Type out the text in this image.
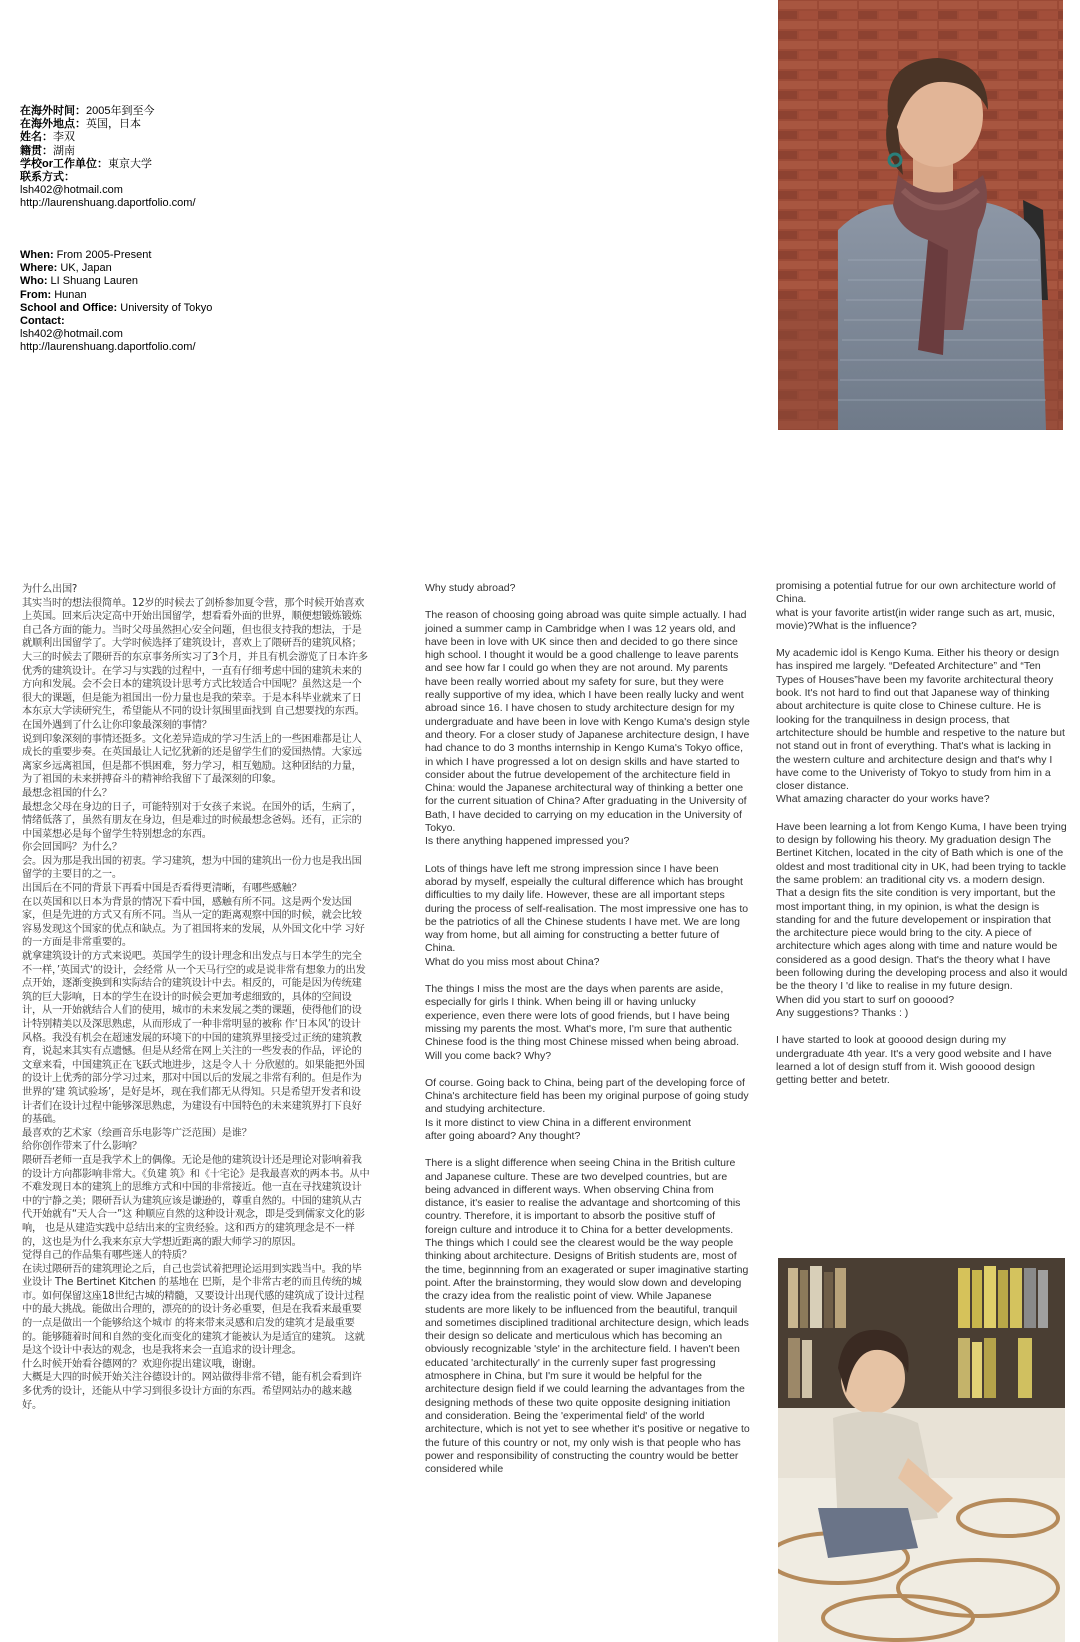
在海外时间：2005年到至今
在海外地点：英国，日本
姓名：李双
籍贯：湖南
学校or工作单位：東京大学
联系方式：
lsh402@hotmail.com
http://laurenshuang.daportfolio.com/
When: From 2005-Present
Where: UK, Japan
Who: LI Shuang Lauren
From: Hunan
School and Office: University of Tokyo
Contact:
lsh402@hotmail.com
http://laurenshuang.daportfolio.com/
为什么出国?
其实当时的想法很简单。12岁的时候去了剑桥参加夏令营，那个时候开始喜欢上英国。回来后决定高中开始出国留学，想看看外面的世界，顺便想锻炼锻炼自己各方面的能力。当时父母虽然担心安全问题，但也很支持我的想法，于是就顺利出国留学了。大学时候选择了建筑设计，喜欢上了隈研吾的建筑风格；大三的时候去了隈研吾的东京事务所实习了3个月，并且有机会游览了日本许多优秀的建筑设计。在学习与实践的过程中，一直有仔细考虑中国的建筑未来的方向和发展。会不会日本的建筑设计思考方式比较适合中国呢？虽然这是一个很大的课题，但是能为祖国出一份力量也是我的荣幸。于是本科毕业就来了日本东京大学读研究生，希望能从不同的设计氛围里面找到 自己想要找的东西。
在国外遇到了什么让你印象最深刻的事情？
说到印象深刻的事情还挺多。文化差异造成的学习生活上的一些困难都是让人成长的重要步奏。在英国最让人记忆犹新的还是留学生们的爱国热情。大家远离家乡远离祖国，但是都不惧困难，努力学习，相互勉励。这种团结的力量，为了祖国的未来拼搏奋斗的精神给我留下了最深刻的印象。
最想念祖国的什么？
最想念父母在身边的日子，可能特别对于女孩子来说。在国外的话，生病了，情绪低落了，虽然有朋友在身边，但是难过的时候最想念爸妈。还有，正宗的中国菜想必是每个留学生特别想念的东西。
你会回国吗？为什么？
会。因为那是我出国的初衷。学习建筑，想为中国的建筑出一份力也是我出国留学的主要目的之一。
出国后在不同的背景下再看中国是否看得更清晰，有哪些感触？
在以英国和以日本为背景的情况下看中国，感触有所不同。这是两个发达国家，但是先进的方式又有所不同。当从一定的距离观察中国的时候，就会比较容易发现这个国家的优点和缺点。为了祖国将来的发展，从外国文化中学 习好的一方面是非常重要的。
就拿建筑设计的方式来说吧。英国学生的设计理念和出发点与日本学生的完全不一样，’英国式‘的设计，会经常 从一个天马行空的或是说非常有想象力的出发点开始，逐渐变换到和实际结合的建筑设计中去。相反的，可能是因为传统建筑的巨大影响，日本的学生在设计的时候会更加考虑细致的，具体的空间设计，从一开始就结合人们的使用，城市的未来发展之类的课题，使得他们的设计特别精美以及深思熟虑，从而形成了一种非常明显的被称 作‘日本风’的设计风格。我没有机会在超速发展的环境下的中国的建筑界里接受过正统的建筑教育，说起来其实有点遗憾。但是从经常在网上关注的一些发表的作品，评论的文章来看，中国建筑正在飞跃式地进步，这是令人十 分欣慰的。如果能把外国的设计上优秀的部分学习过来，那对中国以后的发展之非常有利的。但是作为世界的‘建 筑试验场’，是好是坏，现在我们都无从得知。只是希望开发者和设计者们在设计过程中能够深思熟虑，为建设有中国特色的未来建筑界打下良好的基础。
最喜欢的艺术家（绘画音乐电影等广泛范围）是谁？
给你创作带来了什么影响？
隈研吾老师一直是我学术上的偶像。无论是他的建筑设计还是理论对影响着我的设计方向都影响非常大。《负建 筑》和《十宅论》是我最喜欢的两本书。从中不难发现日本的建筑上的思维方式和中国的非常接近。他一直在寻找建筑设计中的宁静之美；隈研吾认为建筑应该是谦逊的，尊重自然的。中国的建筑从古代开始就有“天人合一”这 种顺应自然的这种设计观念，即是受到儒家文化的影响， 也是从建造实践中总结出来的宝贵经验。这和西方的建筑理念是不一样的，这也是为什么我来东京大学想近距离的跟大师学习的原因。
觉得自己的作品集有哪些迷人的特质？
在读过隈研吾的建筑理论之后，自己也尝试着把理论运用到实践当中。我的毕业设计 The Bertinet Kitchen 的基地在 巴斯，是个非常古老的而且传统的城市。如何保留这座18世纪古城的精髓，又要设计出现代感的建筑成了设计过程中的最大挑战。能做出合理的，漂亮的的设计务必重要，但是在我看来最重要的一点是做出一个能够给这个城市 的将来带来灵感和启发的建筑才是最重要的。能够随着时间和自然的变化而变化的建筑才能被认为是适宜的建筑。 这就是这个设计中表达的观念，也是我将来会一直追求的设计理念。
什么时候开始看谷德网的？欢迎你提出建议哦，谢谢。
大概是大四的时候开始关注谷德设计的。网站做得非常不错，能有机会看到许多优秀的设计，还能从中学习到很多设计方面的东西。希望网站办的越来越好。
Why study abroad?
The reason of choosing going abroad was quite simple actually. I had joined a summer camp in Cambridge when I was 12 years old, and have been in love with UK since then and decided to go there since high school. I thought it would be a good challenge to leave parents and see how far I could go when they are not around. My parents have been really worried about my safety for sure, but they were really supportive of my idea, which I have been really lucky and went abroad since 16. I have chosen to study architecture design for my undergraduate and have been in love with Kengo Kuma's design style and theory. For a closer study of Japanese architecture design, I have had chance to do 3 months internship in Kengo Kuma's Tokyo office, in which I have progressed a lot on design skills and have started to consider about the futrue developement of the architecture field in China: would the Japanese architectural way of thinking a better one for the current situation of China? After graduating in the University of Bath, I have decided to carrying on my education in the University of Tokyo.
Is there anything happened impressed you?
Lots of things have left me strong impression since I have been aborad by myself, espeially the cultural difference which has brought difficulties to my daily life. However, these are all important steps during the process of self-realisation. The most impressive one has to be the patriotics of all the Chinese students I have met. We are long way from home, but all aiming for constructing a better future of China.
What do you miss most about China?
The things I miss the most are the days when parents are aside, especially for girls I think. When being ill or having unlucky experience, even there were lots of good friends, but I have being missing my parents the most. What's more, I'm sure that authentic Chinese food is the thing most Chinese missed when being abroad.
Will you come back? Why?
Of course. Going back to China, being part of the developing force of China's architecture field has been my original purpose of going study and studying architecture.
Is it more distinct to view China in a different environment
after going aboard? Any thought?
There is a slight difference when seeing China in the British culture and Japanese culture. These are two develped countries, but are being advanced in different ways. When observing China from distance, it's easier to realise the advantage and shortcoming of this country. Therefore, it is important to absorb the positive stuff of foreign culture and introduce it to China for a better developments.
The things which I could see the clearest would be the way people thinking about architecture. Designs of British students are, most of the time, beginnning from an exagerated or super imaginative starting point. After the brainstorming, they would slow down and developing the crazy idea from the realistic point of view. While Japanese students are more likely to be influenced from the beautiful, tranquil and sometimes disciplined traditional architecture design, which leads their design so delicate and merticulous which has becoming an obviously recognizable 'style' in the architecture field. I haven't been educated 'architecturally' in the currenly super fast progressing atmosphere in China, but I'm sure it would be helpful for the architecture design field if we could learning the advantages from the designing methods of these two quite opposite designing initiation and consideration. Being the 'experimental field' of the world architecture, which is not yet to see whether it's positive or negative to the future of this country or not, my only wish is that people who has power and responsibility of constructing the country would be better considered while
promising a potential futrue for our own architecture world of China.
what is your favorite artist(in wider range such as art, music, movie)?What is the influence?
My academic idol is Kengo Kuma. Either his theory or design has inspired me largely. “Defeated Architecture” and “Ten Types of Houses”have been my favorite architectural theory book. It's not hard to find out that Japanese way of thinking about architecture is quite close to Chinese culture. He is looking for the tranquilness in design process, that artchitecture should be humble and respetive to the nature but not stand out in front of everything. That's what is lacking in the western culture and architecture design and that's why I have come to the Univeristy of Tokyo to study from him in a closer distance.
What amazing character do your works have?
Have been learning a lot from Kengo Kuma, I have been trying to design by following his theory. My graduation design The Bertinet Kitchen, located in the city of Bath which is one of the oldest and most traditional city in UK, had been trying to tackle the same problem: an traditional city vs. a modern design. That a design fits the site condition is very important, but the most important thing, in my opinion, is what the design is standing for and the future developement or inspiration that the architecture piece would bring to the city. A piece of architecture which ages along with time and nature would be considered as a good design. That's the theory what I have been following during the developing process and also it would be the theory I 'd like to realise in my future design.
When did you start to surf on gooood?
Any suggestions? Thanks : )
I have started to look at gooood design during my undergraduate 4th year. It's a very good website and I have learned a lot of design stuff from it. Wish gooood design getting better and betetr.
